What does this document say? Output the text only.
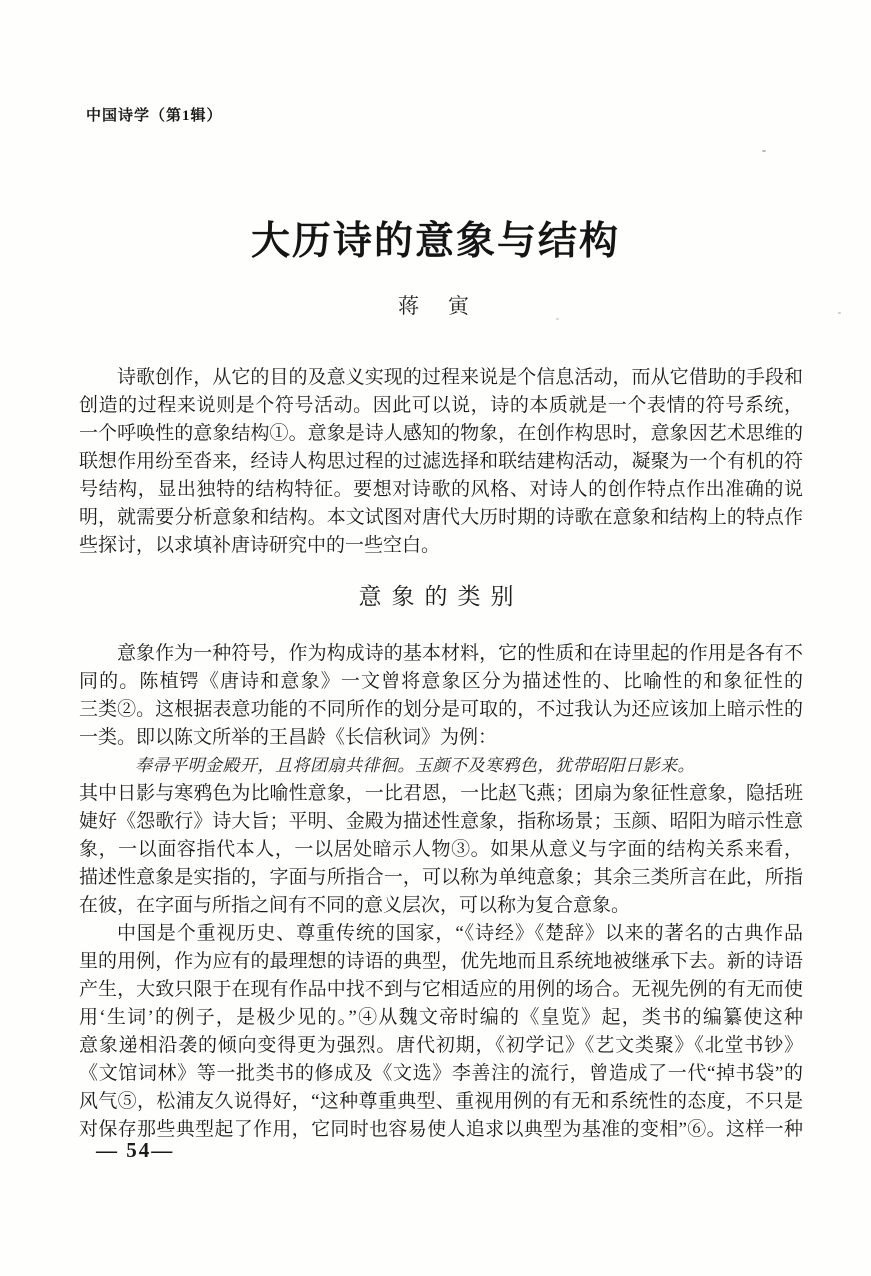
中国诗学（第1辑）
大历诗的意象与结构
蒋　寅
诗歌创作，从它的目的及意义实现的过程来说是个信息活动，而从它借助的手段和
创造的过程来说则是个符号活动。因此可以说，诗的本质就是一个表情的符号系统，
一个呼唤性的意象结构①。意象是诗人感知的物象，在创作构思时，意象因艺术思维的
联想作用纷至沓来，经诗人构思过程的过滤选择和联结建构活动，凝聚为一个有机的符
号结构，显出独特的结构特征。要想对诗歌的风格、对诗人的创作特点作出准确的说
明，就需要分析意象和结构。本文试图对唐代大历时期的诗歌在意象和结构上的特点作
些探讨，以求填补唐诗研究中的一些空白。
意象的类别
意象作为一种符号，作为构成诗的基本材料，它的性质和在诗里起的作用是各有不
同的。陈植锷《唐诗和意象》一文曾将意象区分为描述性的、比喻性的和象征性的
三类②。这根据表意功能的不同所作的划分是可取的，不过我认为还应该加上暗示性的
一类。即以陈文所举的王昌龄《长信秋词》为例：
奉帚平明金殿开，且将团扇共徘徊。玉颜不及寒鸦色，犹带昭阳日影来。
其中日影与寒鸦色为比喻性意象，一比君恩，一比赵飞燕；团扇为象征性意象，隐括班
婕好《怨歌行》诗大旨；平明、金殿为描述性意象，指称场景；玉颜、昭阳为暗示性意
象，一以面容指代本人，一以居处暗示人物③。如果从意义与字面的结构关系来看，
描述性意象是实指的，字面与所指合一，可以称为单纯意象；其余三类所言在此，所指
在彼，在字面与所指之间有不同的意义层次，可以称为复合意象。
中国是个重视历史、尊重传统的国家，“《诗经》《楚辞》以来的著名的古典作品
里的用例，作为应有的最理想的诗语的典型，优先地而且系统地被继承下去。新的诗语
产生，大致只限于在现有作品中找不到与它相适应的用例的场合。无视先例的有无而使
用‘生词’的例子，是极少见的。”④从魏文帝时编的《皇览》起，类书的编纂使这种
意象递相沿袭的倾向变得更为强烈。唐代初期，《初学记》《艺文类聚》《北堂书钞》
《文馆词林》等一批类书的修成及《文选》李善注的流行，曾造成了一代“掉书袋”的
风气⑤，松浦友久说得好，“这种尊重典型、重视用例的有无和系统性的态度，不只是
对保存那些典型起了作用，它同时也容易使人追求以典型为基准的变相”⑥。这样一种
— 54—
